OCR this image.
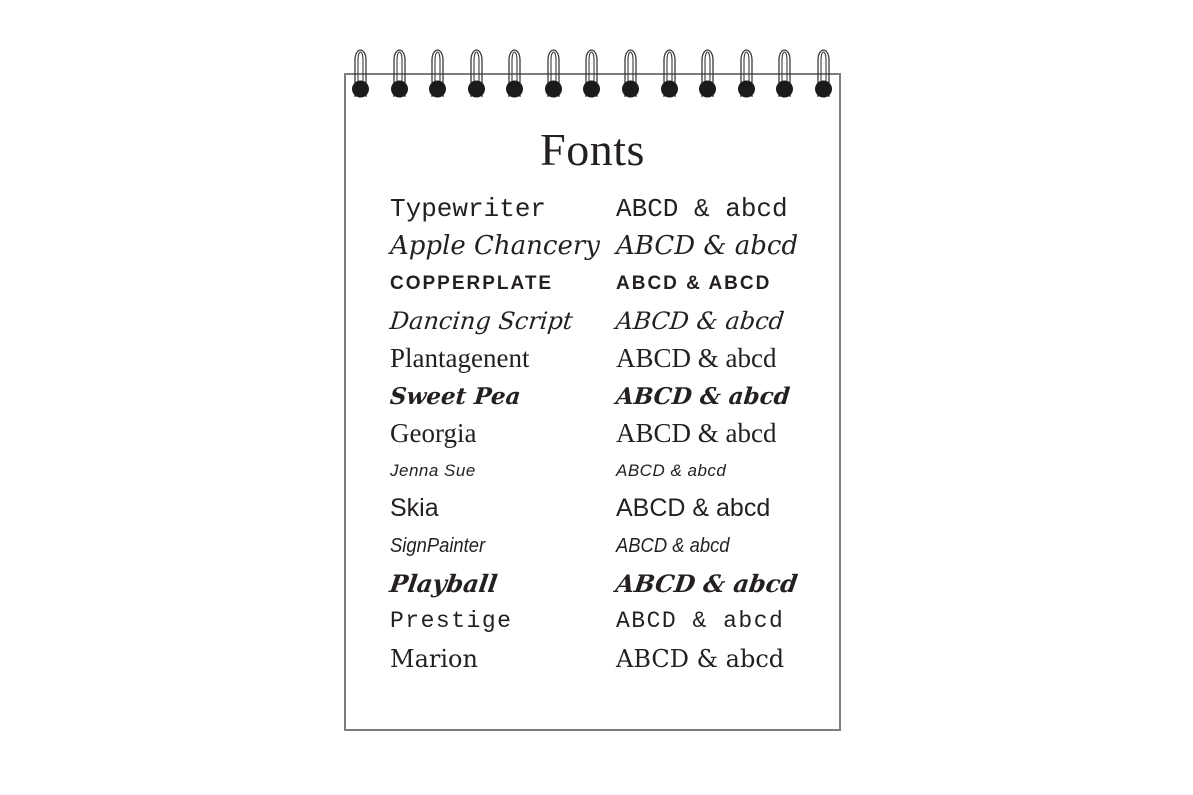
Fonts
Typewriter	ABCD & abcd
Apple Chancery ABCD & abcd
COPPERPLATE	ABCD & ABCD
Dancing Script	ABCD & abcd
Plantagenent	ABCD & abcd
Sweet Pea	ABCD & abcd
Georgia	ABCD & abcd
Jenna Sue	ABCD & abcd
Skia	ABCD & abcd
SignPainter	ABCD & abcd
Playball	ABCD & abcd
Prestige	ABCD & abcd
Marion	ABCD & abcd
